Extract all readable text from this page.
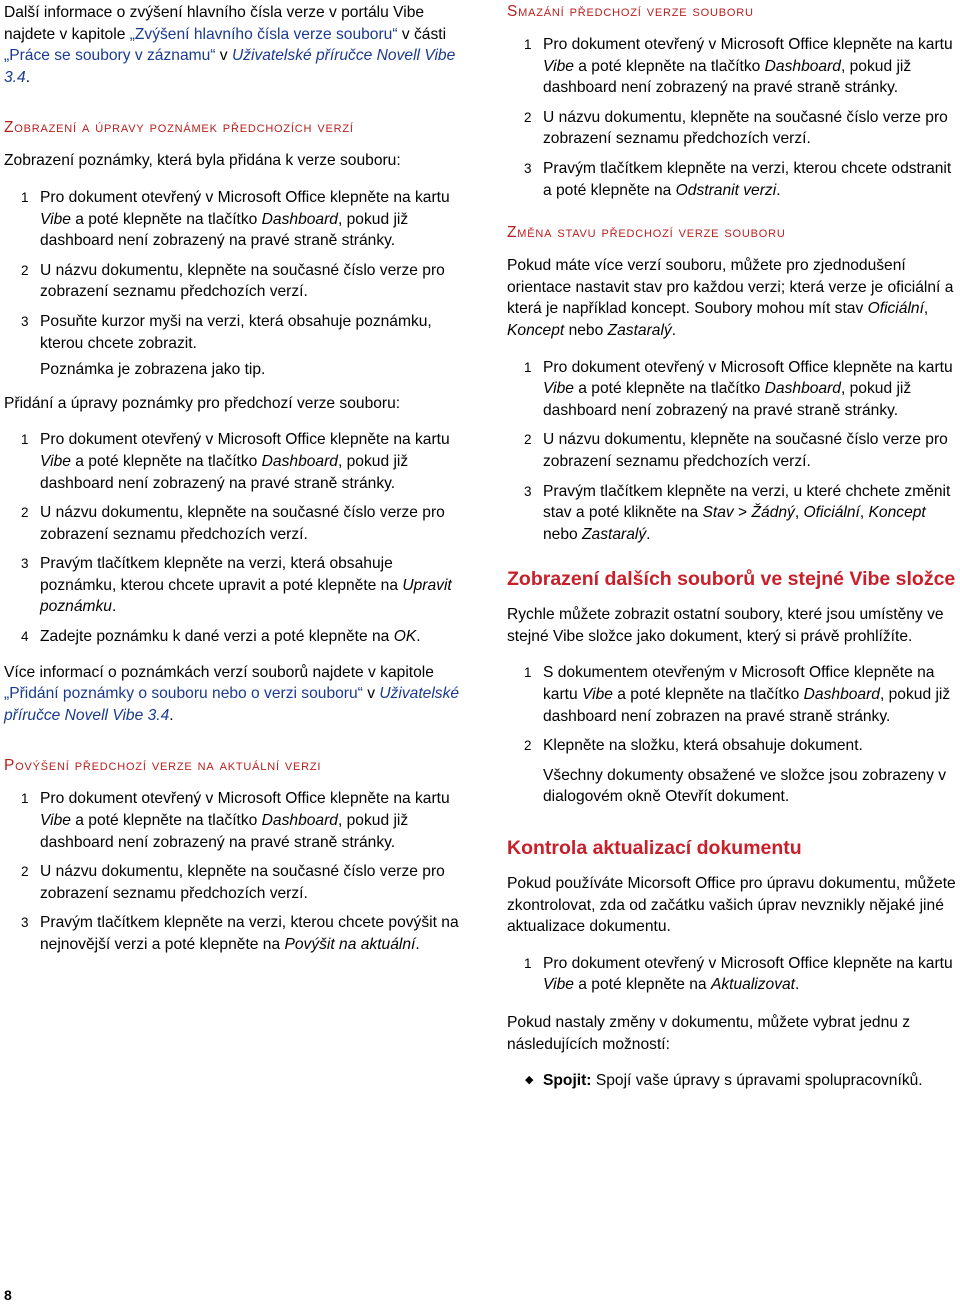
Další informace o zvýšení hlavního čísla verze v portálu Vibe najdete v kapitole „Zvýšení hlavního čísla verze souboru“ v části „Práce se soubory v záznamu“ v Uživatelské příručce Novell Vibe 3.4.

Zobrazení a úpravy poznámek předchozích verzí

Zobrazení poznámky, která byla přidána k verze souboru:

1 Pro dokument otevřený v Microsoft Office klepněte na kartu Vibe a poté klepněte na tlačítko Dashboard, pokud již dashboard není zobrazený na pravé straně stránky.
2 U názvu dokumentu, klepněte na současné číslo verze pro zobrazení seznamu předchozích verzí.
3 Posuňte kurzor myši na verzi, která obsahuje poznámku, kterou chcete zobrazit.
Poznámka je zobrazena jako tip.

Přidání a úpravy poznámky pro předchozí verze souboru:

1 Pro dokument otevřený v Microsoft Office klepněte na kartu Vibe a poté klepněte na tlačítko Dashboard, pokud již dashboard není zobrazený na pravé straně stránky.
2 U názvu dokumentu, klepněte na současné číslo verze pro zobrazení seznamu předchozích verzí.
3 Pravým tlačítkem klepněte na verzi, která obsahuje poznámku, kterou chcete upravit a poté klepněte na Upravit poznámku.
4 Zadejte poznámku k dané verzi a poté klepněte na OK.

Více informací o poznámkách verzí souborů najdete v kapitole „Přidání poznámky o souboru nebo o verzi souboru“ v Uživatelské příručce Novell Vibe 3.4.

Povýšení předchozí verze na aktuální verzi
1 Pro dokument otevřený v Microsoft Office klepněte na kartu Vibe a poté klepněte na tlačítko Dashboard, pokud již dashboard není zobrazený na pravé straně stránky.
2 U názvu dokumentu, klepněte na současné číslo verze pro zobrazení seznamu předchozích verzí.
3 Pravým tlačítkem klepněte na verzi, kterou chcete povýšit na nejnovější verzi a poté klepněte na Povýšit na aktuální.
Smazání předchozí verze souboru
1 Pro dokument otevřený v Microsoft Office klepněte na kartu Vibe a poté klepněte na tlačítko Dashboard, pokud již dashboard není zobrazený na pravé straně stránky.
2 U názvu dokumentu, klepněte na současné číslo verze pro zobrazení seznamu předchozích verzí.
3 Pravým tlačítkem klepněte na verzi, kterou chcete odstranit a poté klepněte na Odstranit verzi.
Změna stavu předchozí verze souboru

Pokud máte více verzí souboru, můžete pro zjednodušení orientace nastavit stav pro každou verzi; která verze je oficiální a která je například koncept. Soubory mohou mít stav Oficiální, Koncept nebo Zastaralý.

1 Pro dokument otevřený v Microsoft Office klepněte na kartu Vibe a poté klepněte na tlačítko Dashboard, pokud již dashboard není zobrazený na pravé straně stránky.
2 U názvu dokumentu, klepněte na současné číslo verze pro zobrazení seznamu předchozích verzí.
3 Pravým tlačítkem klepněte na verzi, u které chchete změnit stav a poté klikněte na Stav > Žádný, Oficiální, Koncept nebo Zastaralý.
Zobrazení dalších souborů ve stejné Vibe složce

Rychle můžete zobrazit ostatní soubory, které jsou umístěny ve stejné Vibe složce jako dokument, který si právě prohlížíte.

1 S dokumentem otevřeným v Microsoft Office klepněte na kartu Vibe a poté klepněte na tlačítko Dashboard, pokud již dashboard není zobrazen na pravé straně stránky.
2 Klepněte na složku, která obsahuje dokument.
Všechny dokumenty obsažené ve složce jsou zobrazeny v dialogovém okně Otevřít dokument.
Kontrola aktualizací dokumentu

Pokud používáte Micorsoft Office pro úpravu dokumentu, můžete zkontrolovat, zda od začátku vašich úprav nevznikly nějaké jiné aktualizace dokumentu.

1 Pro dokument otevřený v Microsoft Office klepněte na kartu Vibe a poté klepněte na Aktualizovat.

Pokud nastaly změny v dokumentu, můžete vybrat jednu z následujících možností:

◆ Spojit: Spojí vaše úpravy s úpravami spolupracovníků.
8
